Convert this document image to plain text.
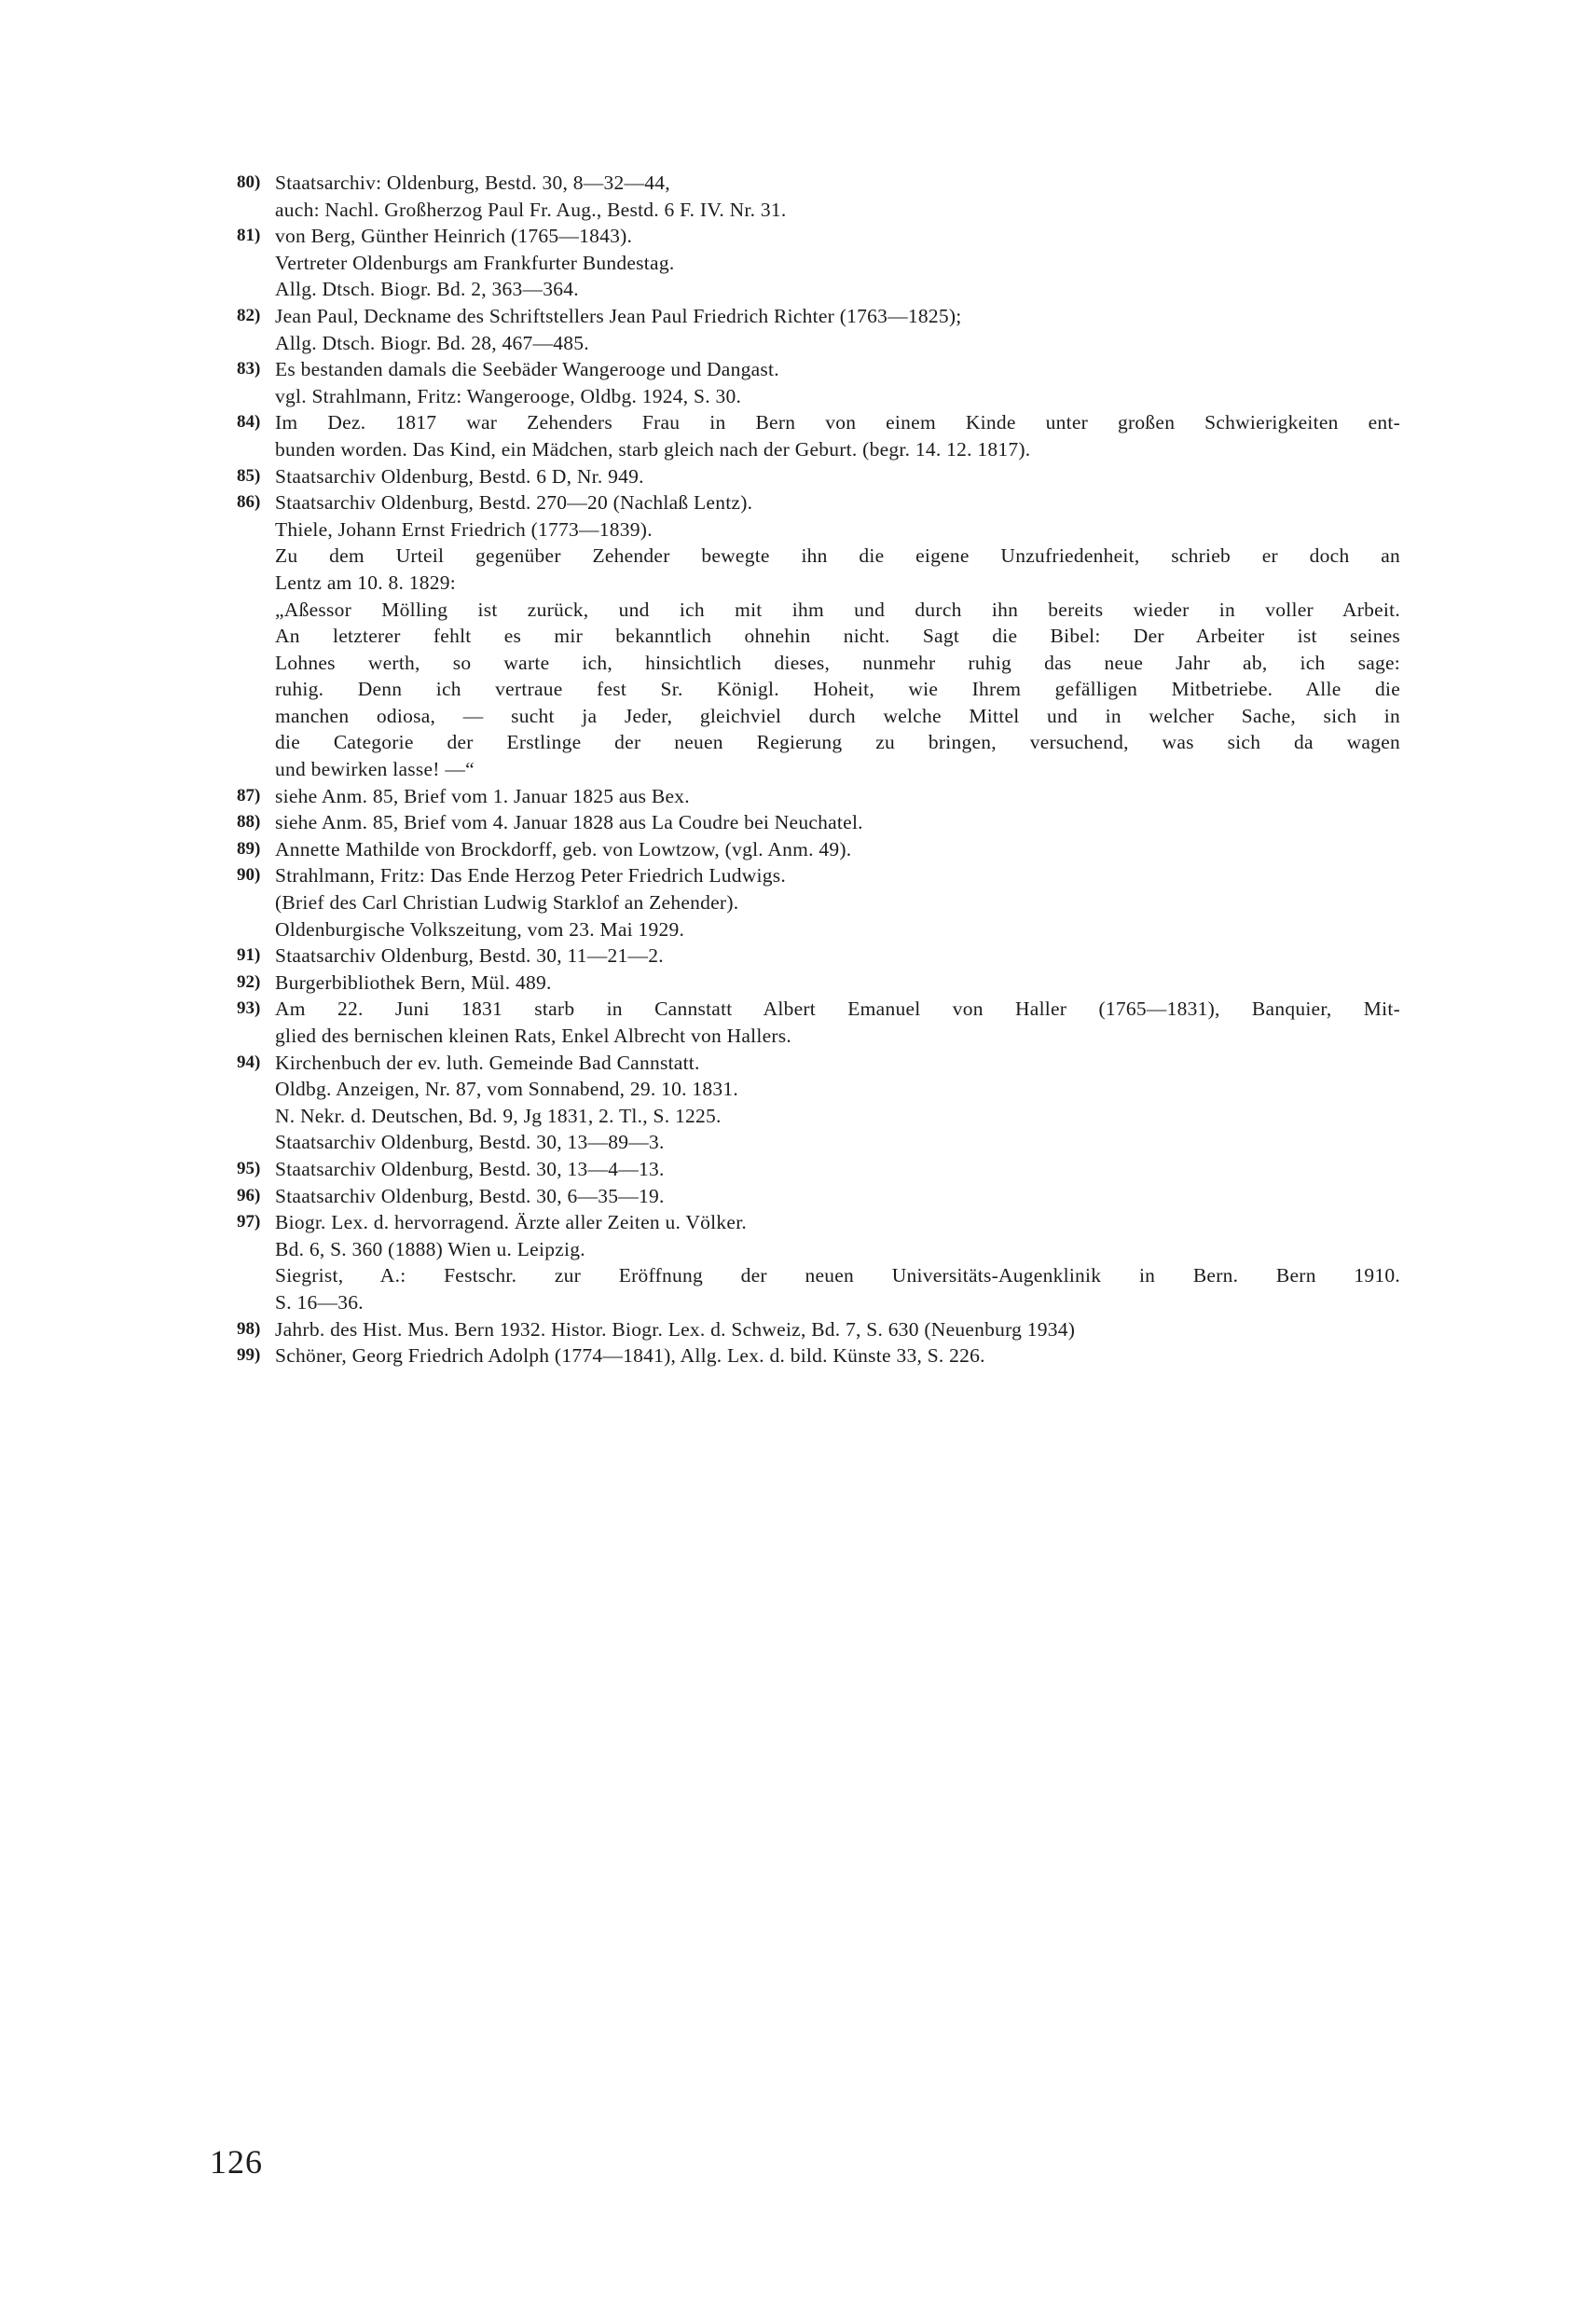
80) Staatsarchiv: Oldenburg, Bestd. 30, 8—32—44,
auch: Nachl. Großherzog Paul Fr. Aug., Bestd. 6 F. IV. Nr. 31.
81) von Berg, Günther Heinrich (1765—1843).
Vertreter Oldenburgs am Frankfurter Bundestag.
Allg. Dtsch. Biogr. Bd. 2, 363—364.
82) Jean Paul, Deckname des Schriftstellers Jean Paul Friedrich Richter (1763—1825);
Allg. Dtsch. Biogr. Bd. 28, 467—485.
83) Es bestanden damals die Seebäder Wangerooge und Dangast.
vgl. Strahlmann, Fritz: Wangerooge, Oldbg. 1924, S. 30.
84) Im Dez. 1817 war Zehenders Frau in Bern von einem Kinde unter großen Schwierigkeiten ent-
bunden worden. Das Kind, ein Mädchen, starb gleich nach der Geburt. (begr. 14. 12. 1817).
85) Staatsarchiv Oldenburg, Bestd. 6 D, Nr. 949.
86) Staatsarchiv Oldenburg, Bestd. 270—20 (Nachlaß Lentz).
Thiele, Johann Ernst Friedrich (1773—1839).
Zu dem Urteil gegenüber Zehender bewegte ihn die eigene Unzufriedenheit, schrieb er doch an
Lentz am 10. 8. 1829:
„Aßessor Mölling ist zurück, und ich mit ihm und durch ihn bereits wieder in voller Arbeit.
An letzterer fehlt es mir bekanntlich ohnehin nicht. Sagt die Bibel: Der Arbeiter ist seines
Lohnes werth, so warte ich, hinsichtlich dieses, nunmehr ruhig das neue Jahr ab, ich sage:
ruhig. Denn ich vertraue fest Sr. Königl. Hoheit, wie Ihrem gefälligen Mitbetriebe. Alle die
manchen odiosa, — sucht ja Jeder, gleichviel durch welche Mittel und in welcher Sache, sich in
die Categorie der Erstlinge der neuen Regierung zu bringen, versuchend, was sich da wagen
und bewirken lasse! —“
87) siehe Anm. 85, Brief vom 1. Januar 1825 aus Bex.
88) siehe Anm. 85, Brief vom 4. Januar 1828 aus La Coudre bei Neuchatel.
89) Annette Mathilde von Brockdorff, geb. von Lowtzow, (vgl. Anm. 49).
90) Strahlmann, Fritz: Das Ende Herzog Peter Friedrich Ludwigs.
(Brief des Carl Christian Ludwig Starklof an Zehender).
Oldenburgische Volkszeitung, vom 23. Mai 1929.
91) Staatsarchiv Oldenburg, Bestd. 30, 11—21—2.
92) Burgerbibliothek Bern, Mül. 489.
93) Am 22. Juni 1831 starb in Cannstatt Albert Emanuel von Haller (1765—1831), Banquier, Mit-
glied des bernischen kleinen Rats, Enkel Albrecht von Hallers.
94) Kirchenbuch der ev. luth. Gemeinde Bad Cannstatt.
Oldbg. Anzeigen, Nr. 87, vom Sonnabend, 29. 10. 1831.
N. Nekr. d. Deutschen, Bd. 9, Jg 1831, 2. Tl., S. 1225.
Staatsarchiv Oldenburg, Bestd. 30, 13—89—3.
95) Staatsarchiv Oldenburg, Bestd. 30, 13—4—13.
96) Staatsarchiv Oldenburg, Bestd. 30, 6—35—19.
97) Biogr. Lex. d. hervorragend. Ärzte aller Zeiten u. Völker.
Bd. 6, S. 360 (1888) Wien u. Leipzig.
Siegrist, A.: Festschr. zur Eröffnung der neuen Universitäts-Augenklinik in Bern. Bern 1910.
S. 16—36.
98) Jahrb. des Hist. Mus. Bern 1932. Histor. Biogr. Lex. d. Schweiz, Bd. 7, S. 630 (Neuenburg 1934)
99) Schöner, Georg Friedrich Adolph (1774—1841), Allg. Lex. d. bild. Künste 33, S. 226.
126
